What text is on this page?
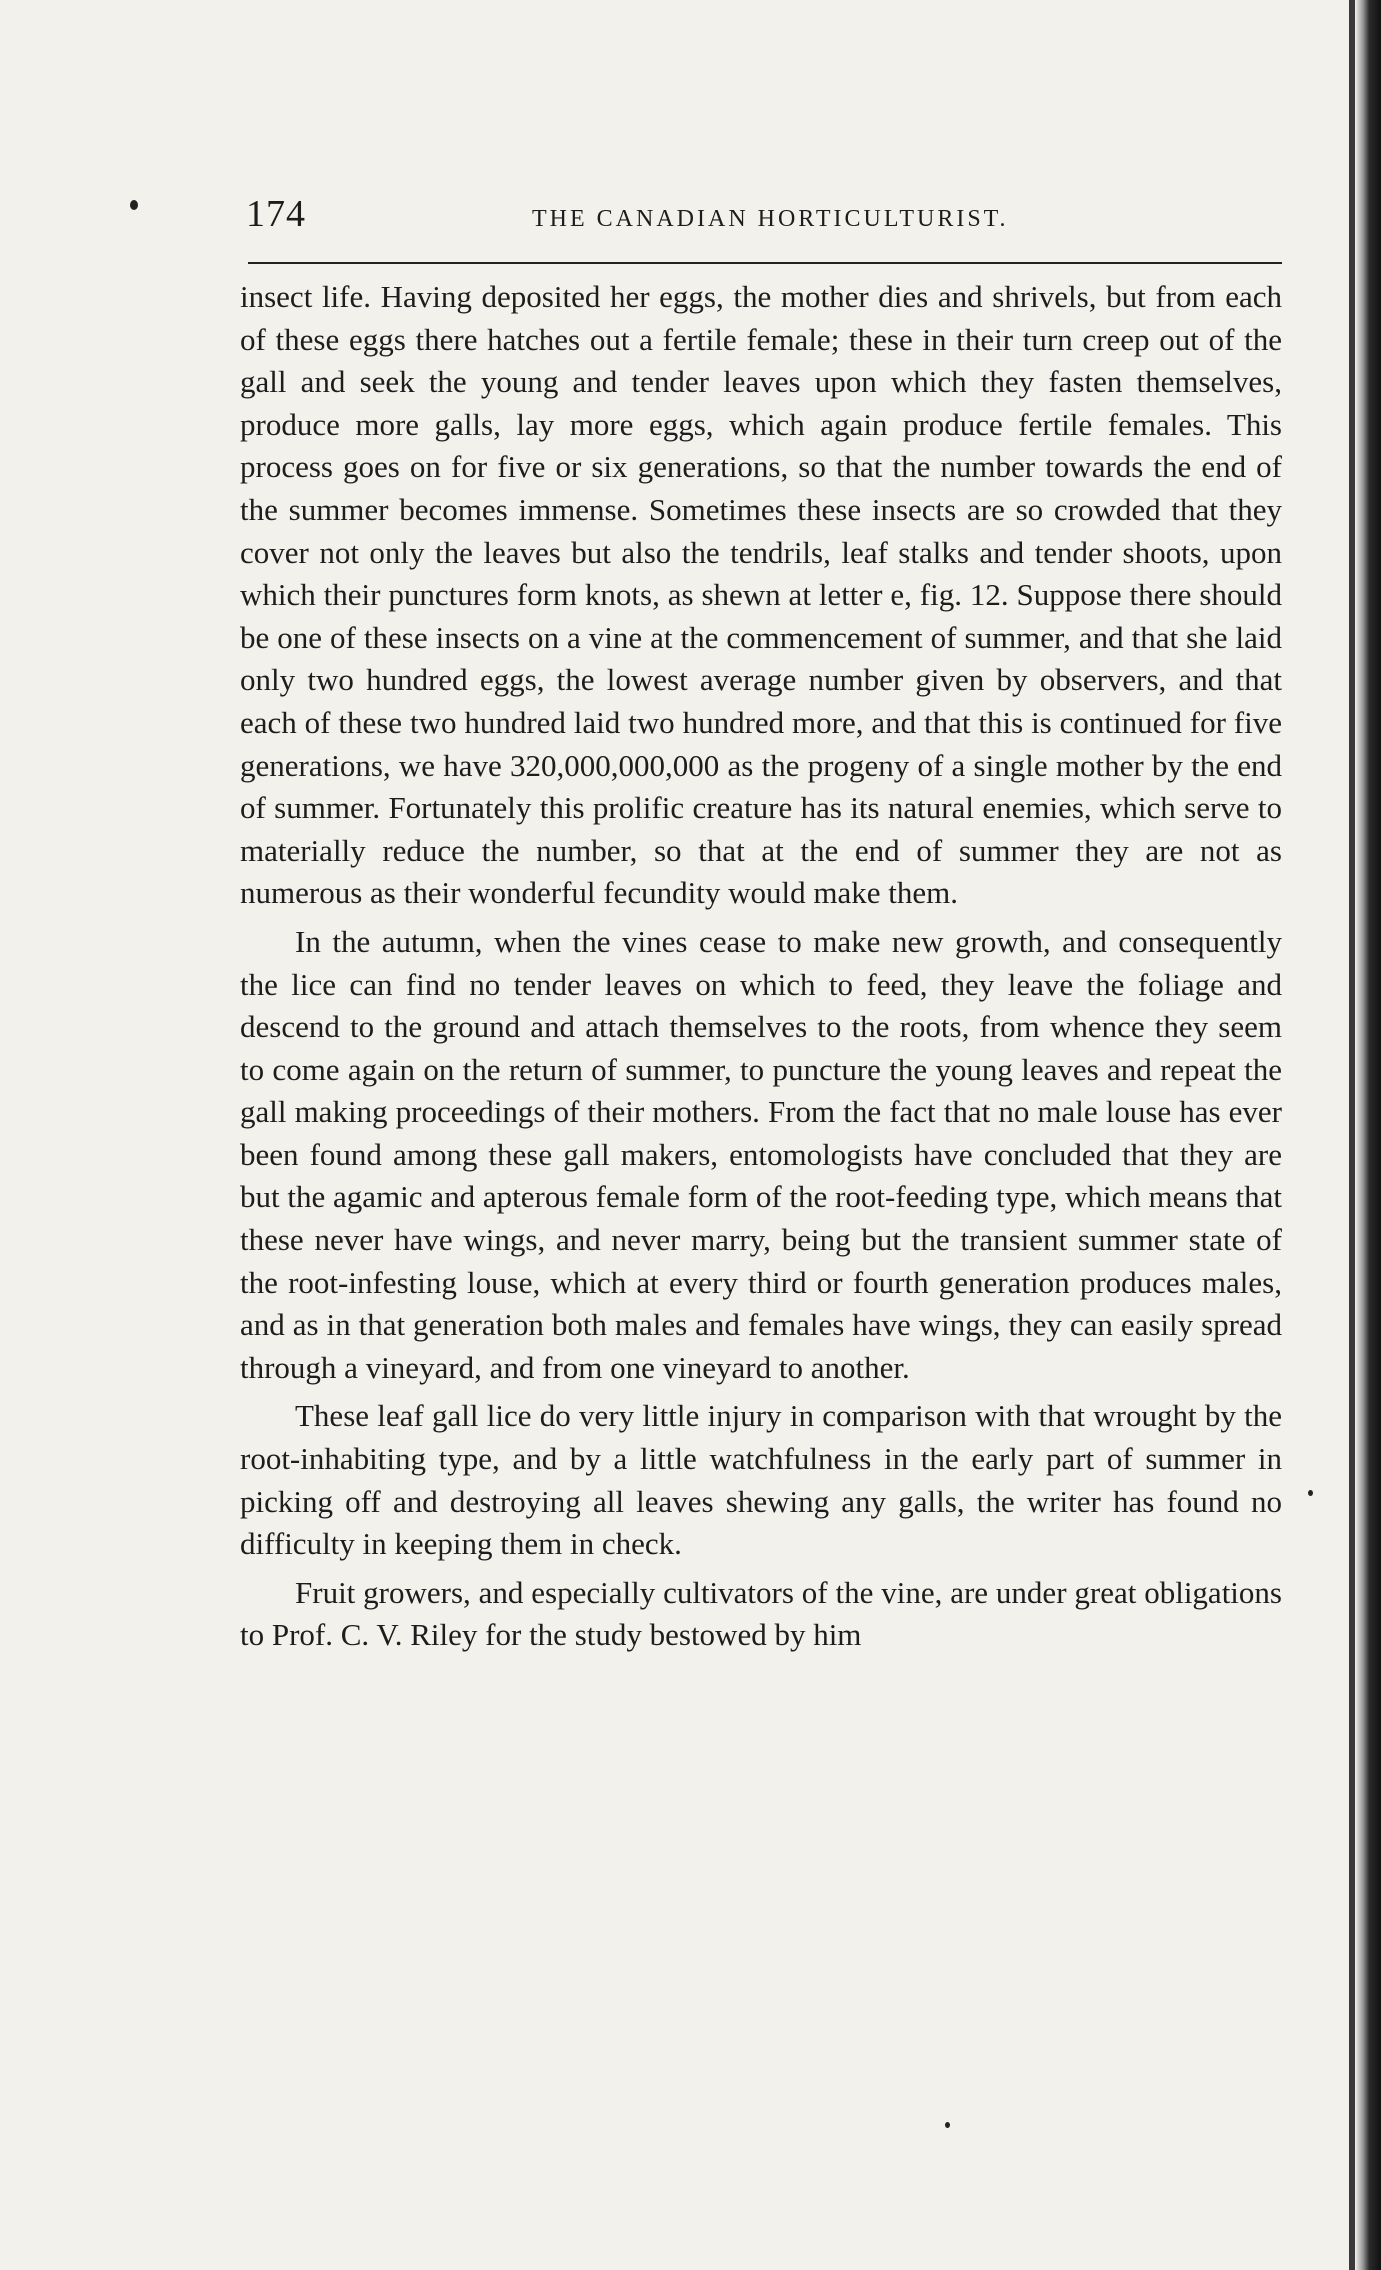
174	THE CANADIAN HORTICULTURIST.

insect life. Having deposited her eggs, the mother dies and shrivels, but from each of these eggs there hatches out a fertile female; these in their turn creep out of the gall and seek the young and tender leaves upon which they fasten themselves, produce more galls, lay more eggs, which again produce fertile females. This process goes on for five or six generations, so that the number towards the end of the summer becomes immense. Sometimes these insects are so crowded that they cover not only the leaves but also the tendrils, leaf stalks and tender shoots, upon which their punctures form knots, as shewn at letter e, fig. 12. Suppose there should be one of these insects on a vine at the commencement of summer, and that she laid only two hundred eggs, the lowest average number given by observers, and that each of these two hundred laid two hundred more, and that this is continued for five generations, we have 320,000,000,000 as the progeny of a single mother by the end of summer. Fortunately this prolific creature has its natural enemies, which serve to materially reduce the number, so that at the end of summer they are not as numerous as their wonderful fecundity would make them.

In the autumn, when the vines cease to make new growth, and consequently the lice can find no tender leaves on which to feed, they leave the foliage and descend to the ground and attach themselves to the roots, from whence they seem to come again on the return of summer, to puncture the young leaves and repeat the gall making proceedings of their mothers. From the fact that no male louse has ever been found among these gall makers, entomologists have concluded that they are but the agamic and apterous female form of the root-feeding type, which means that these never have wings, and never marry, being but the transient summer state of the root-infesting louse, which at every third or fourth generation produces males, and as in that generation both males and females have wings, they can easily spread through a vineyard, and from one vineyard to another.

These leaf gall lice do very little injury in comparison with that wrought by the root-inhabiting type, and by a little watchfulness in the early part of summer in picking off and destroying all leaves shewing any galls, the writer has found no difficulty in keeping them in check.

Fruit growers, and especially cultivators of the vine, are under great obligations to Prof. C. V. Riley for the study bestowed by him
